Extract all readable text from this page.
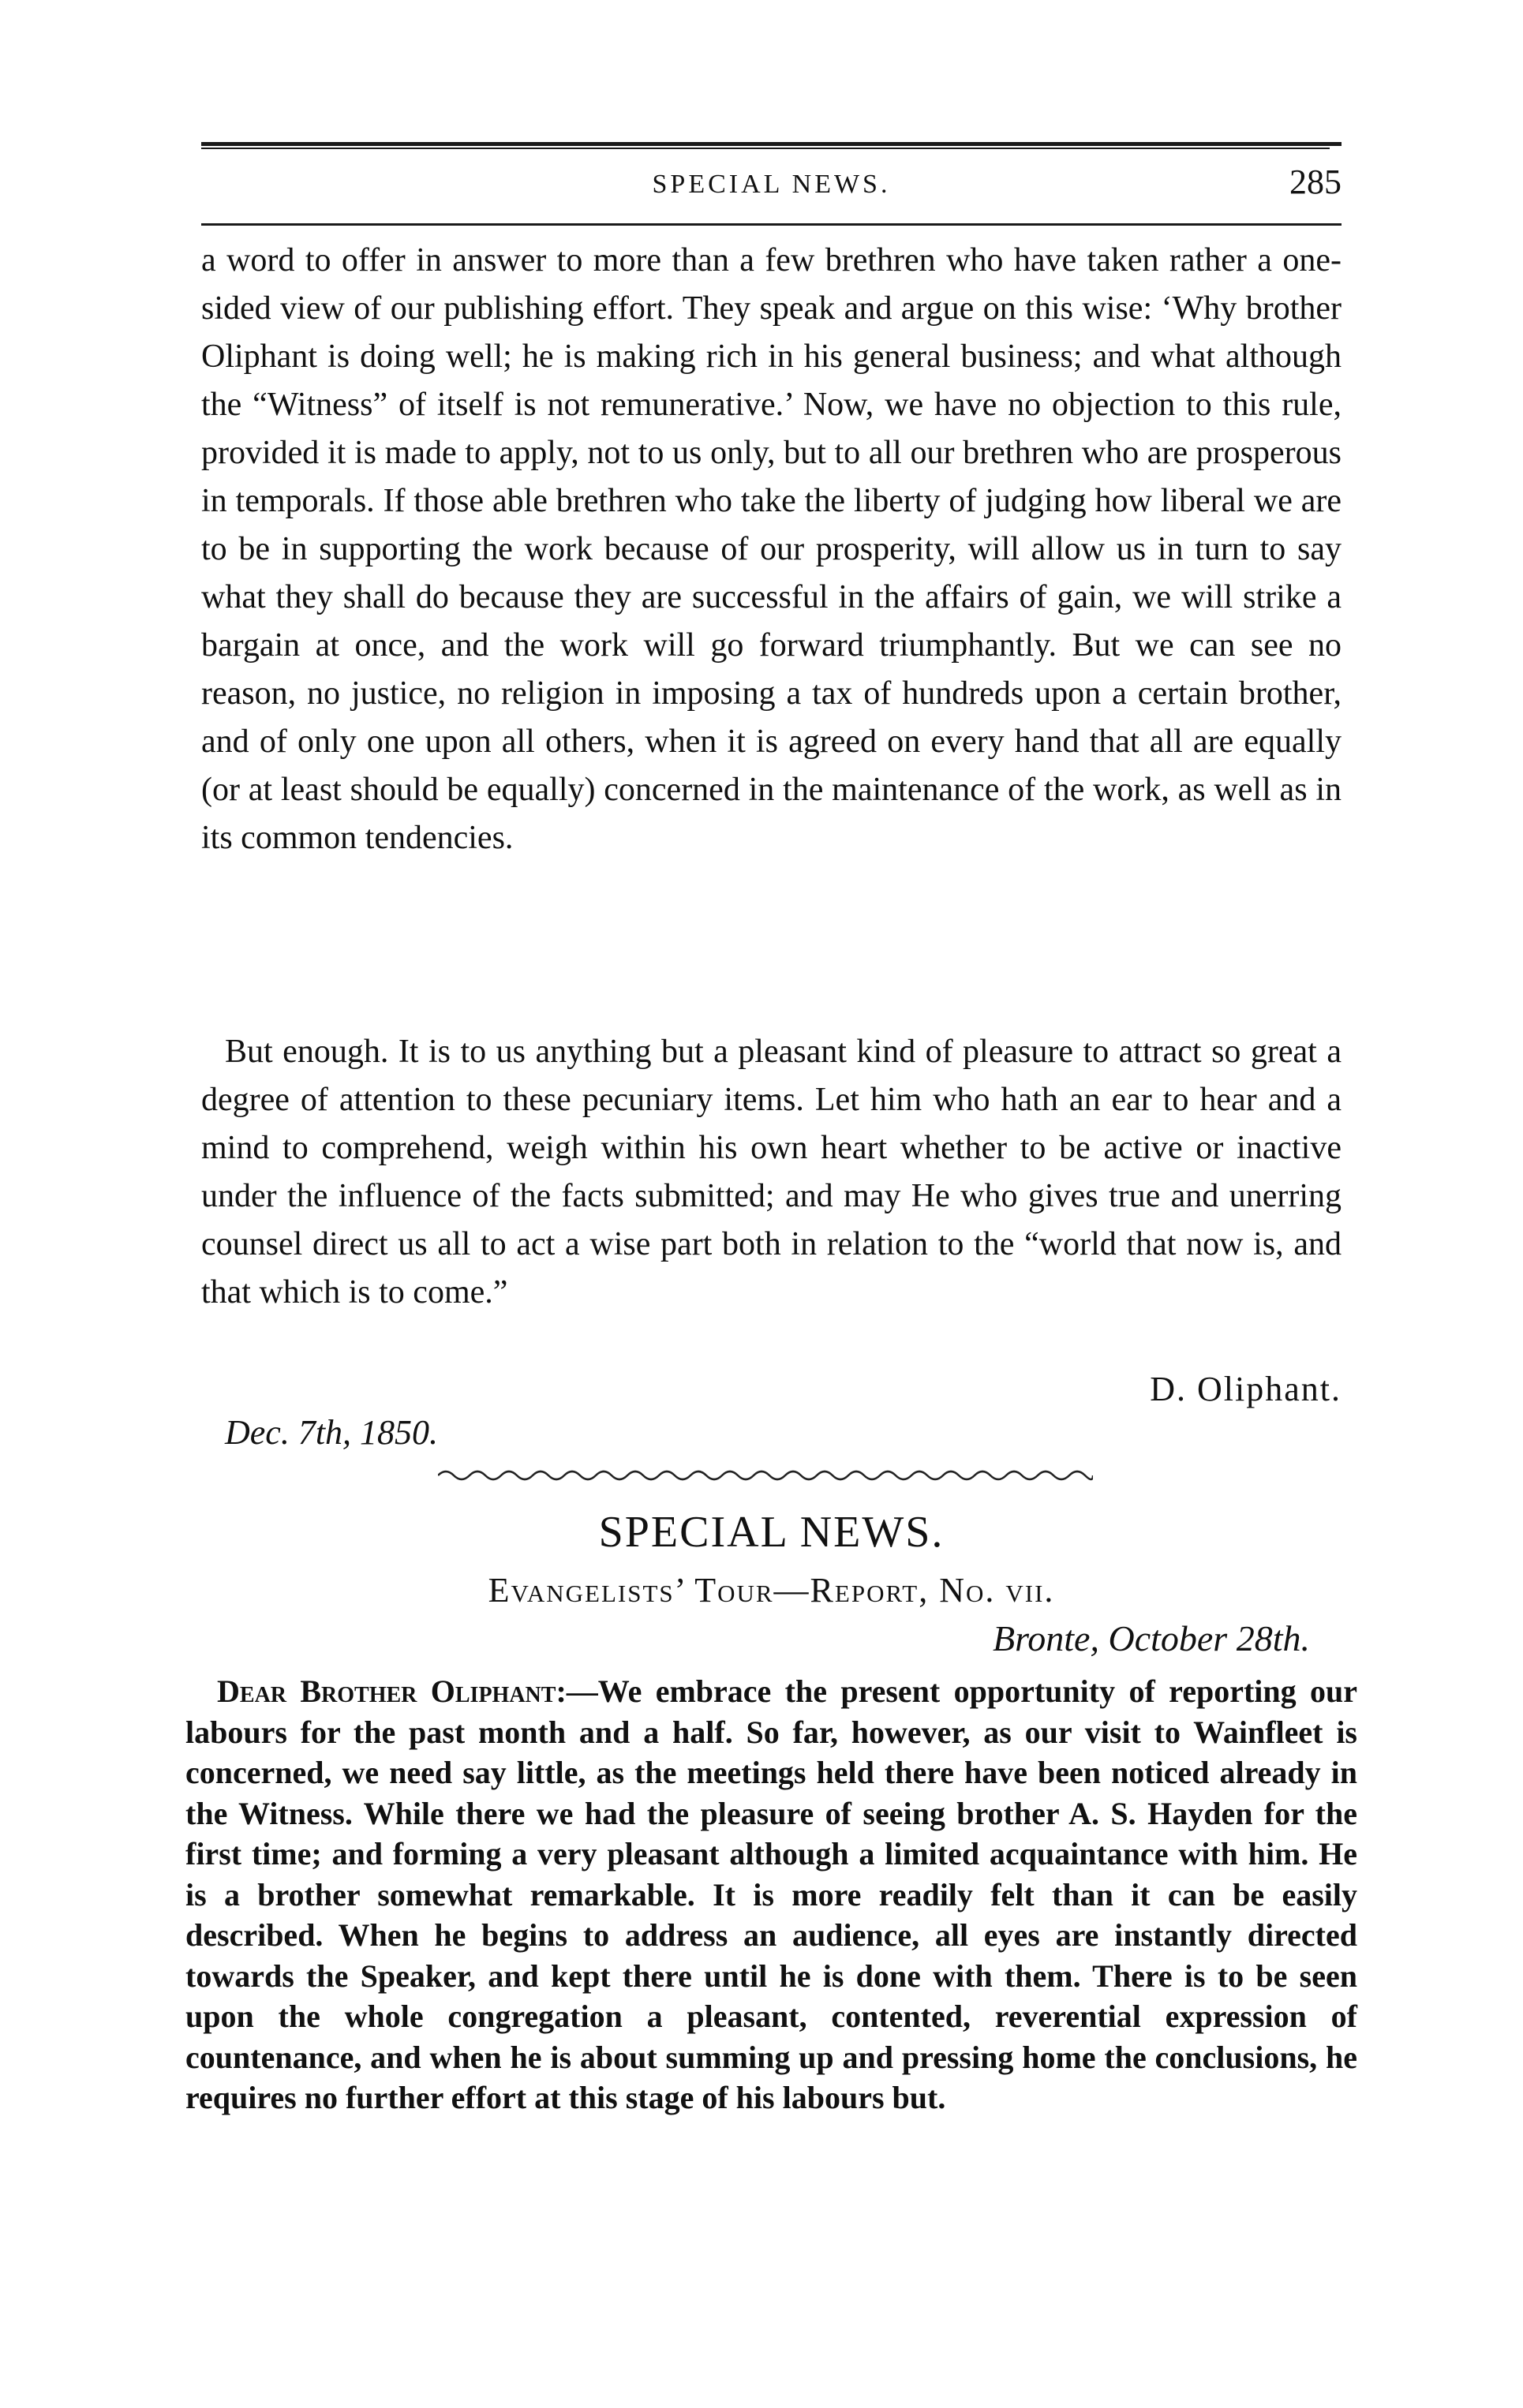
SPECIAL NEWS.	285

a word to offer in answer to more than a few brethren who have taken rather a one-sided view of our publishing effort. They speak and argue on this wise: ‘Why brother Oliphant is doing well; he is making rich in his general business; and what although the “Witness” of itself is not remunerative.’ Now, we have no objection to this rule, provided it is made to apply, not to us only, but to all our brethren who are prosperous in temporals. If those able brethren who take the liberty of judging how liberal we are to be in supporting the work because of our prosperity, will allow us in turn to say what they shall do because they are successful in the affairs of gain, we will strike a bargain at once, and the work will go forward triumphantly. But we can see no reason, no justice, no religion in imposing a tax of hundreds upon a certain brother, and of only one upon all others, when it is agreed on every hand that all are equally (or at least should be equally) concerned in the maintenance of the work, as well as in its common tendencies.

But enough. It is to us anything but a pleasant kind of pleasure to attract so great a degree of attention to these pecuniary items. Let him who hath an ear to hear and a mind to comprehend, weigh within his own heart whether to be active or inactive under the influence of the facts submitted; and may He who gives true and unerring counsel direct us all to act a wise part both in relation to the “world that now is, and that which is to come.”

D. Oliphant.
Dec. 7th, 1850.
SPECIAL NEWS.
Evangelists’ Tour—Report, No. vii.
Bronte, October 28th.

Dear Brother Oliphant:—We embrace the present opportunity of reporting our labours for the past month and a half. So far, however, as our visit to Wainfleet is concerned, we need say little, as the meetings held there have been noticed already in the Witness. While there we had the pleasure of seeing brother A. S. Hayden for the first time; and forming a very pleasant although a limited acquaintance with him. He is a brother somewhat remarkable. It is more readily felt than it can be easily described. When he begins to address an audience, all eyes are instantly directed towards the Speaker, and kept there until he is done with them. There is to be seen upon the whole congregation a pleasant, contented, reverential expression of countenance, and when he is about summing up and pressing home the conclusions, he requires no further effort at this stage of his labours but.
